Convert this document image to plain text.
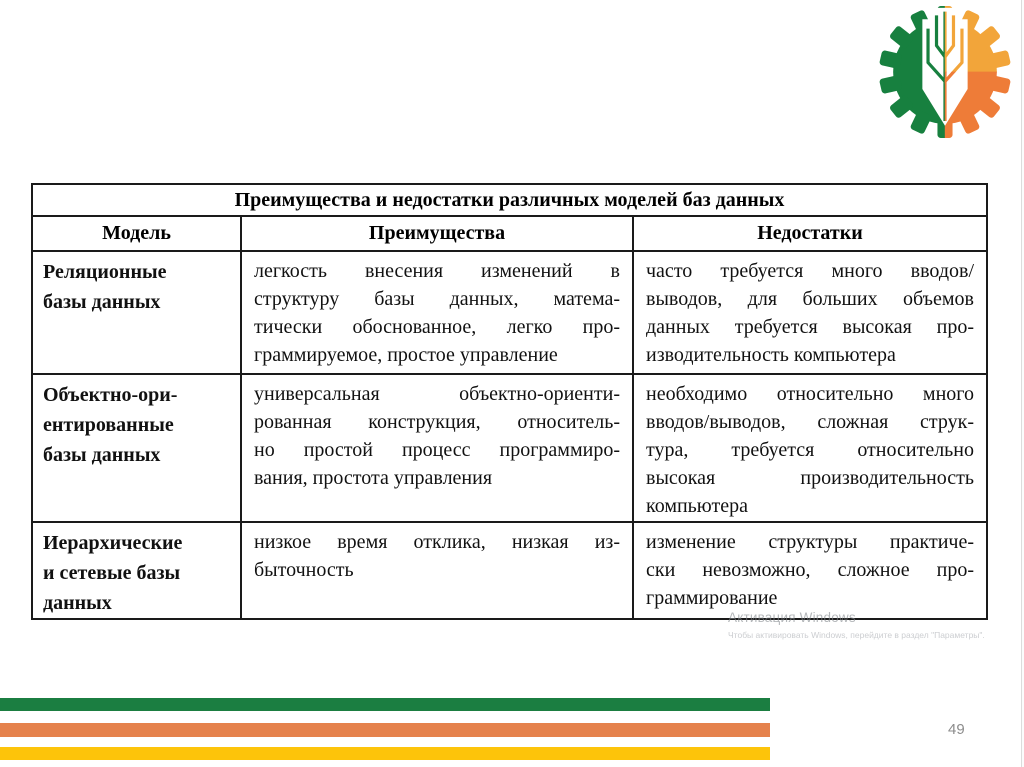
Преимущества и недостатки различных моделей баз данных
Модель	Преимущества	Недостатки
Реляционные
базы данных
легкость внесения изменений в
структуру базы данных, матема-
тически обоснованное, легко про-
граммируемое, простое управление
часто требуется много вводов/
выводов, для больших объемов
данных требуется высокая про-
изводительность компьютера
Объектно-ори-
ентированные
базы данных
универсальная объектно-ориенти-
рованная конструкция, относитель-
но простой процесс программиро-
вания, простота управления
необходимо относительно много
вводов/выводов, сложная струк-
тура, требуется относительно
высокая производительность
компьютера
Иерархические
и сетевые базы
данных
низкое время отклика, низкая из-
быточность
изменение структуры практиче-
ски невозможно, сложное про-
граммирование
Активация Windows
Чтобы активировать Windows, перейдите в раздел "Параметры".
49
